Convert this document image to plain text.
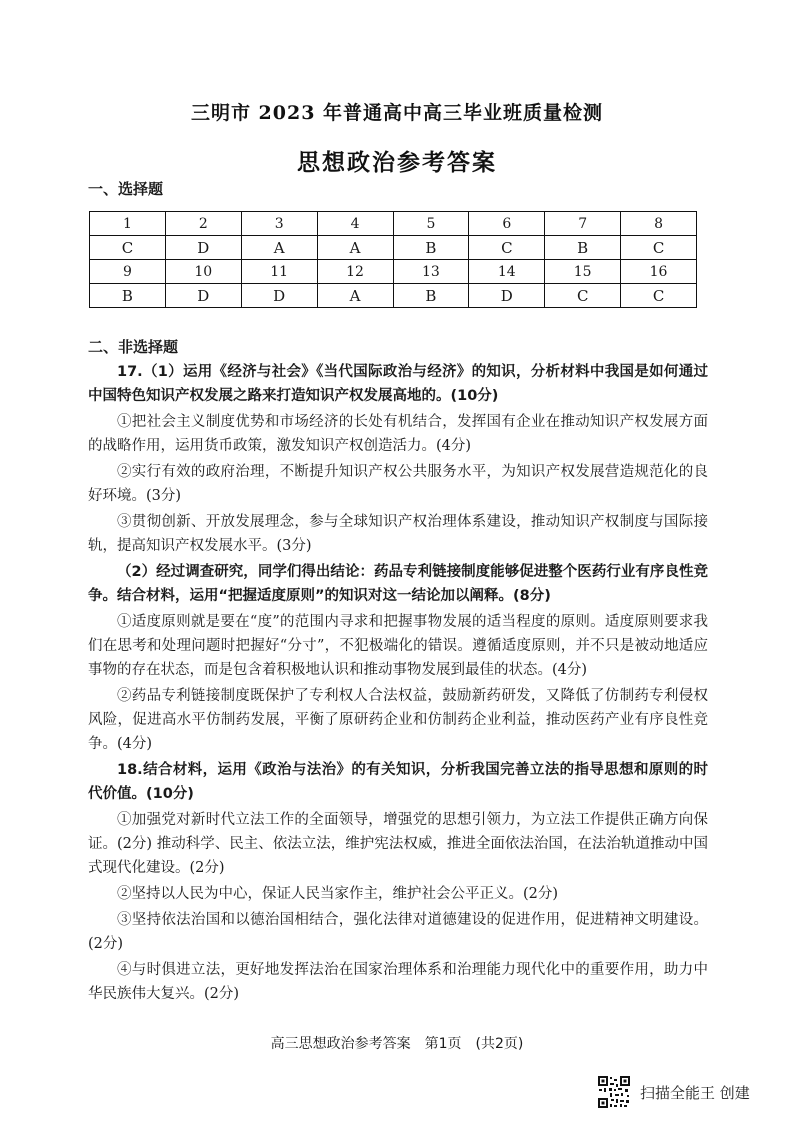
三明市 2023 年普通高中高三毕业班质量检测
思想政治参考答案
一、选择题
1	2	3	4	5	6	7	8
C	D	A	A	B	C	B	C
9	10	11	12	13	14	15	16
B	D	D	A	B	D	C	C
二、非选择题
17.（1）运用《经济与社会》《当代国际政治与经济》的知识，分析材料中我国是如何通过中国特色知识产权发展之路来打造知识产权发展高地的。(10分)
①把社会主义制度优势和市场经济的长处有机结合，发挥国有企业在推动知识产权发展方面的战略作用，运用货币政策，激发知识产权创造活力。(4分)
②实行有效的政府治理，不断提升知识产权公共服务水平，为知识产权发展营造规范化的良好环境。(3分)
③贯彻创新、开放发展理念，参与全球知识产权治理体系建设，推动知识产权制度与国际接轨，提高知识产权发展水平。(3分)
（2）经过调查研究，同学们得出结论：药品专利链接制度能够促进整个医药行业有序良性竞争。结合材料，运用“把握适度原则”的知识对这一结论加以阐释。(8分)
①适度原则就是要在“度”的范围内寻求和把握事物发展的适当程度的原则。适度原则要求我们在思考和处理问题时把握好“分寸”，不犯极端化的错误。遵循适度原则，并不只是被动地适应事物的存在状态，而是包含着积极地认识和推动事物发展到最佳的状态。(4分)
②药品专利链接制度既保护了专利权人合法权益，鼓励新药研发，又降低了仿制药专利侵权风险，促进高水平仿制药发展，平衡了原研药企业和仿制药企业利益，推动医药产业有序良性竞争。(4分)
18.结合材料，运用《政治与法治》的有关知识，分析我国完善立法的指导思想和原则的时代价值。(10分)
①加强党对新时代立法工作的全面领导，增强党的思想引领力，为立法工作提供正确方向保证。(2分) 推动科学、民主、依法立法，维护宪法权威，推进全面依法治国，在法治轨道推动中国式现代化建设。(2分)
②坚持以人民为中心，保证人民当家作主，维护社会公平正义。(2分)
③坚持依法治国和以德治国相结合，强化法律对道德建设的促进作用，促进精神文明建设。(2分)
④与时俱进立法，更好地发挥法治在国家治理体系和治理能力现代化中的重要作用，助力中华民族伟大复兴。(2分)
高三思想政治参考答案　第1页　(共2页)
扫描全能王 创建
